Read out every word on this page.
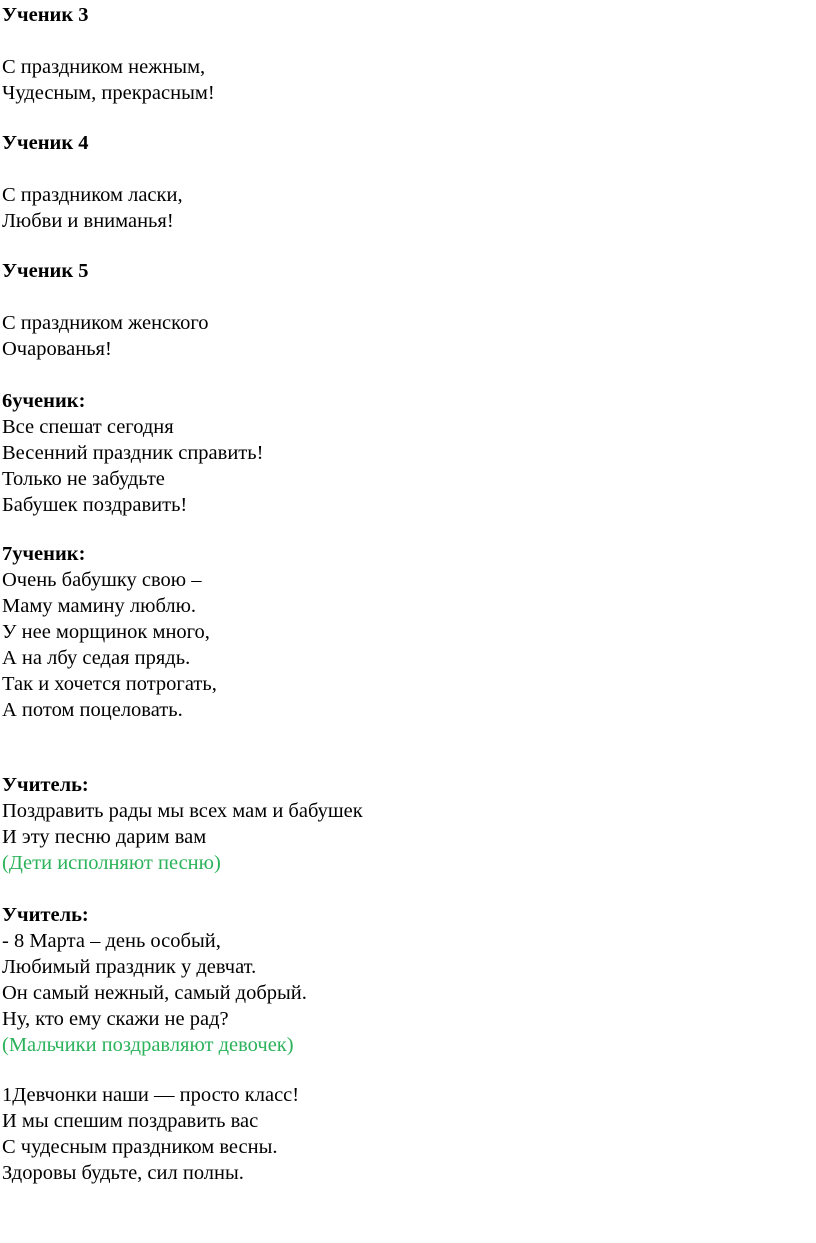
Ученик 3
С праздником нежным,
Чудесным, прекрасным!
Ученик 4
С праздником ласки,
Любви и вниманья!
Ученик 5
С праздником женского
Очарованья!
6ученик:
Все спешат сегодня
Весенний праздник справить!
Только не забудьте
Бабушек поздравить!
7ученик:
Очень бабушку свою –
Маму мамину люблю.
У нее морщинок много,
А на лбу седая прядь.
Так и хочется потрогать,
А потом поцеловать.
Учитель:
Поздравить рады мы всех мам и бабушек
И эту песню дарим вам
(Дети исполняют песню)
Учитель:
- 8 Марта – день особый,
Любимый праздник у девчат.
Он самый нежный, самый добрый.
Ну, кто ему скажи не рад?
(Мальчики поздравляют девочек)
1Девчонки наши — просто класс!
И мы спешим поздравить вас
С чудесным праздником весны.
Здоровы будьте, сил полны.
